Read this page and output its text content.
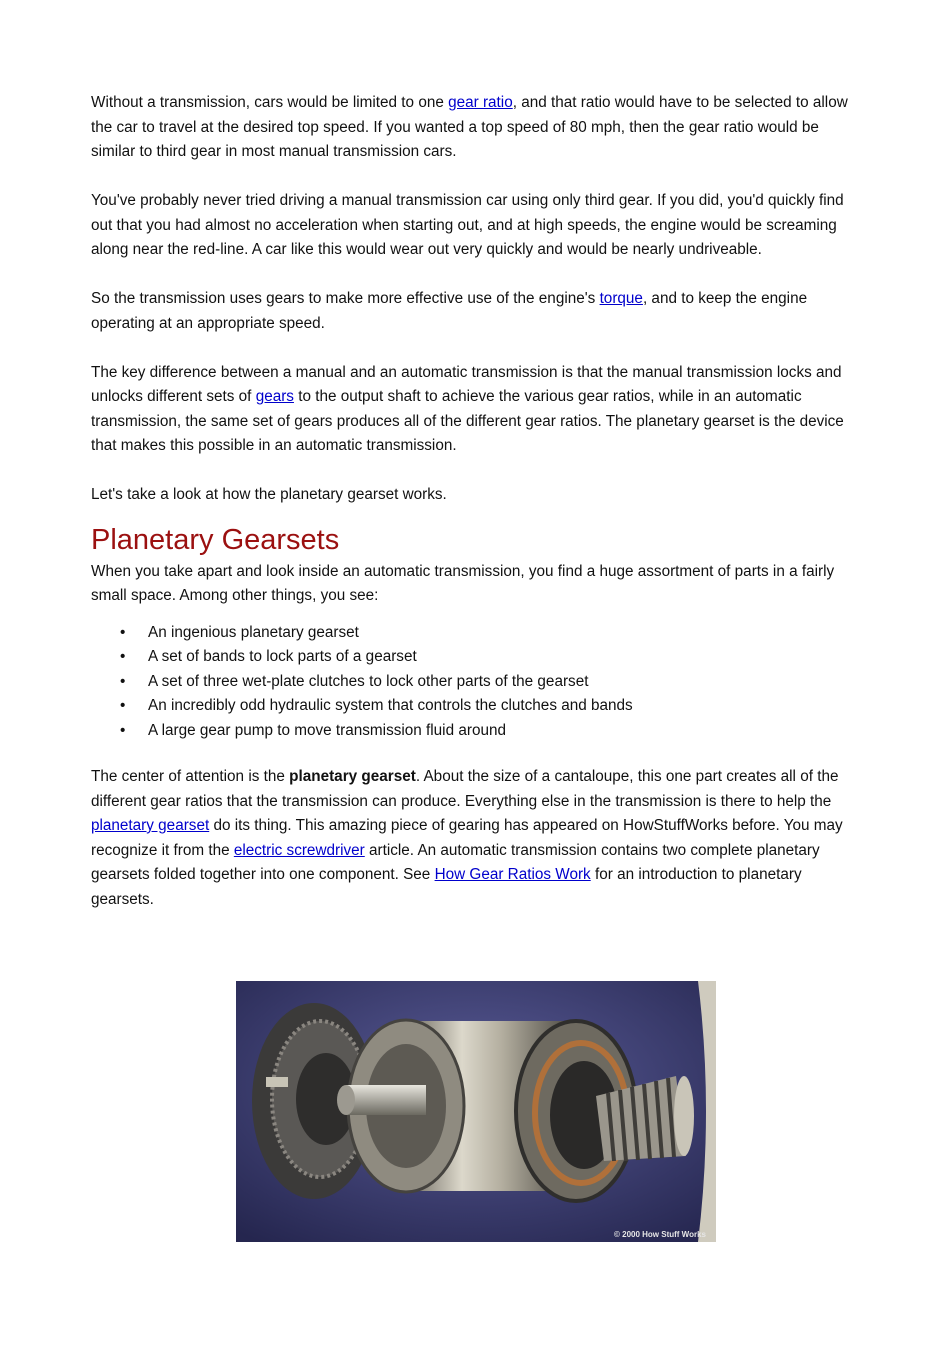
Without a transmission, cars would be limited to one gear ratio, and that ratio would have to be selected to allow the car to travel at the desired top speed. If you wanted a top speed of 80 mph, then the gear ratio would be similar to third gear in most manual transmission cars.

You've probably never tried driving a manual transmission car using only third gear. If you did, you'd quickly find out that you had almost no acceleration when starting out, and at high speeds, the engine would be screaming along near the red-line. A car like this would wear out very quickly and would be nearly undriveable.

So the transmission uses gears to make more effective use of the engine's torque, and to keep the engine operating at an appropriate speed.

The key difference between a manual and an automatic transmission is that the manual transmission locks and unlocks different sets of gears to the output shaft to achieve the various gear ratios, while in an automatic transmission, the same set of gears produces all of the different gear ratios. The planetary gearset is the device that makes this possible in an automatic transmission.

Let's take a look at how the planetary gearset works.

Planetary Gearsets

When you take apart and look inside an automatic transmission, you find a huge assortment of parts in a fairly small space. Among other things, you see:

• An ingenious planetary gearset
• A set of bands to lock parts of a gearset
• A set of three wet-plate clutches to lock other parts of the gearset
• An incredibly odd hydraulic system that controls the clutches and bands
• A large gear pump to move transmission fluid around

The center of attention is the planetary gearset. About the size of a cantaloupe, this one part creates all of the different gear ratios that the transmission can produce. Everything else in the transmission is there to help the planetary gearset do its thing. This amazing piece of gearing has appeared on HowStuffWorks before. You may recognize it from the electric screwdriver article. An automatic transmission contains two complete planetary gearsets folded together into one component. See How Gear Ratios Work for an introduction to planetary gearsets.

© 2000 How Stuff Works
